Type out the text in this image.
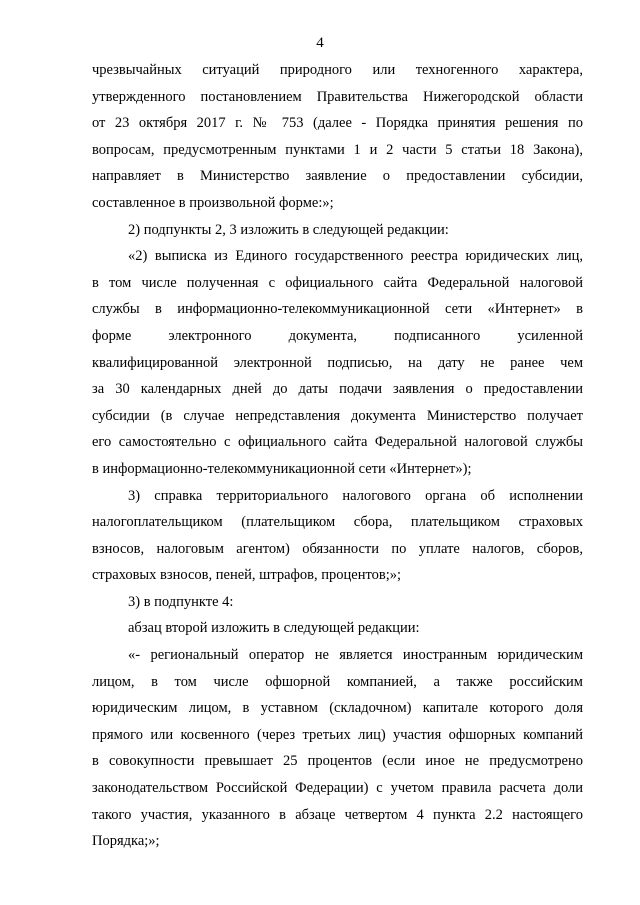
4
чрезвычайных ситуаций природного или техногенного характера,
утвержденного постановлением Правительства Нижегородской области
от 23 октября 2017 г. № 753 (далее - Порядка принятия решения по
вопросам, предусмотренным пунктами 1 и 2 части 5 статьи 18 Закона),
направляет в Министерство заявление о предоставлении субсидии,
составленное в произвольной форме:»;
2) подпункты 2, 3 изложить в следующей редакции:
«2) выписка из Единого государственного реестра юридических лиц,
в том числе полученная с официального сайта Федеральной налоговой
службы в информационно-телекоммуникационной сети «Интернет» в
форме электронного документа, подписанного усиленной
квалифицированной электронной подписью, на дату не ранее чем
за 30 календарных дней до даты подачи заявления о предоставлении
субсидии (в случае непредставления документа Министерство получает
его самостоятельно с официального сайта Федеральной налоговой службы
в информационно-телекоммуникационной сети «Интернет»);
3) справка территориального налогового органа об исполнении
налогоплательщиком (плательщиком сбора, плательщиком страховых
взносов, налоговым агентом) обязанности по уплате налогов, сборов,
страховых взносов, пеней, штрафов, процентов;»;
3) в подпункте 4:
абзац второй изложить в следующей редакции:
«- региональный оператор не является иностранным юридическим
лицом, в том числе офшорной компанией, а также российским
юридическим лицом, в уставном (складочном) капитале которого доля
прямого или косвенного (через третьих лиц) участия офшорных компаний
в совокупности превышает 25 процентов (если иное не предусмотрено
законодательством Российской Федерации) с учетом правила расчета доли
такого участия, указанного в абзаце четвертом 4 пункта 2.2 настоящего
Порядка;»;
